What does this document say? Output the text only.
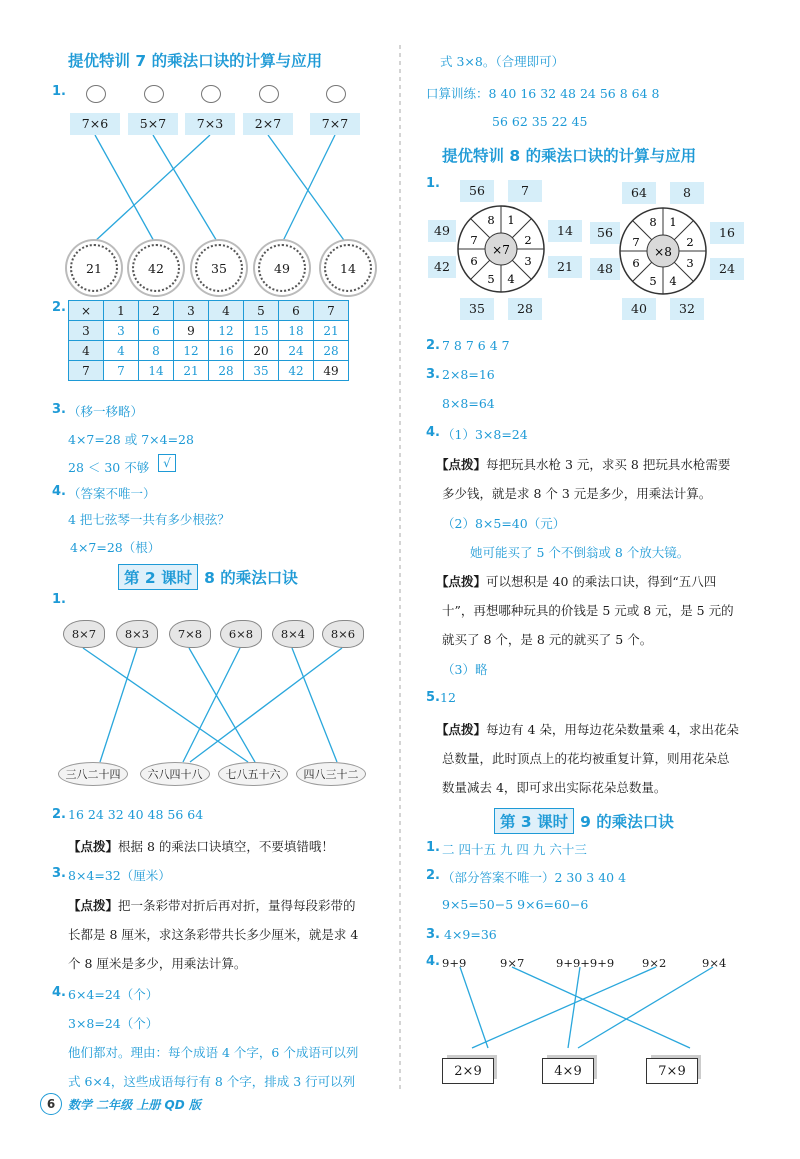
提优特训 7 的乘法口诀的计算与应用
1.
7×6	5×7	7×3	2×7	7×7
21	42	35	49	14
2. ×	1	2	3	4	5	6	7
3	3	6	9	12	15	18	21
4	4	8	12	16	20	24	28
7	7	14	21	28	35	42	49
3. （移一移略）
4×7=28 或 7×4=28
28 ＜ 30 不够	√
4. （答案不唯一）
4 把七弦琴一共有多少根弦？
4×7=28（根）
第 2 课时 8 的乘法口诀
1.
8×7	8×3	7×8	6×8	8×4	8×6
三八二十四	六八四十八	七八五十六	四八三十二
2. 16 24 32 40 48 56 64
【点拨】根据 8 的乘法口诀填空，不要填错哦！
3. 8×4=32（厘米）
【点拨】把一条彩带对折后再对折，量得每段彩带的
长都是 8 厘米，求这条彩带共长多少厘米，就是求 4
个 8 厘米是多少，用乘法计算。
4. 6×4=24（个）
3×8=24（个）
他们都对。理由：每个成语 4 个字，6 个成语可以列
式 6×4，这些成语每行有 8 个字，排成 3 行可以列
式 3×8。（合理即可）
口算训练：8 40 16 32 48 24 56 8 64 8
56 62 35 22 45
提优特训 8 的乘法口诀的计算与应用
1.	56	7
49
42
14
21
35	28
×7
1
2
3
4
5
6
7
8
64	8
56
48
16
24
40	32
×8
1
2
3
4
5
6
7
8
2. 7 8 7 6 4 7
3. 2×8=16
8×8=64
4. （1）3×8=24
【点拨】每把玩具水枪 3 元，求买 8 把玩具水枪需要
多少钱，就是求 8 个 3 元是多少，用乘法计算。
（2）8×5=40（元）
她可能买了 5 个不倒翁或 8 个放大镜。
【点拨】可以想积是 40 的乘法口诀，得到“五八四
十”，再想哪种玩具的价钱是 5 元或 8 元，是 5 元的
就买了 8 个，是 8 元的就买了 5 个。
（3）略
5. 12
【点拨】每边有 4 朵，用每边花朵数量乘 4，求出花朵
总数量，此时顶点上的花均被重复计算，则用花朵总
数量减去 4，即可求出实际花朵总数量。
第 3 课时 9 的乘法口诀
1. 二 四十五 九 四 九 六十三
2. （部分答案不唯一）2 30 3 40 4
9×5=50−5 9×6=60−6
3. 4×9=36
4. 9+9	9×7	9+9+9+9 9×2	9×4
2×9	4×9	7×9
6	数学 二年级 上册 QD 版
